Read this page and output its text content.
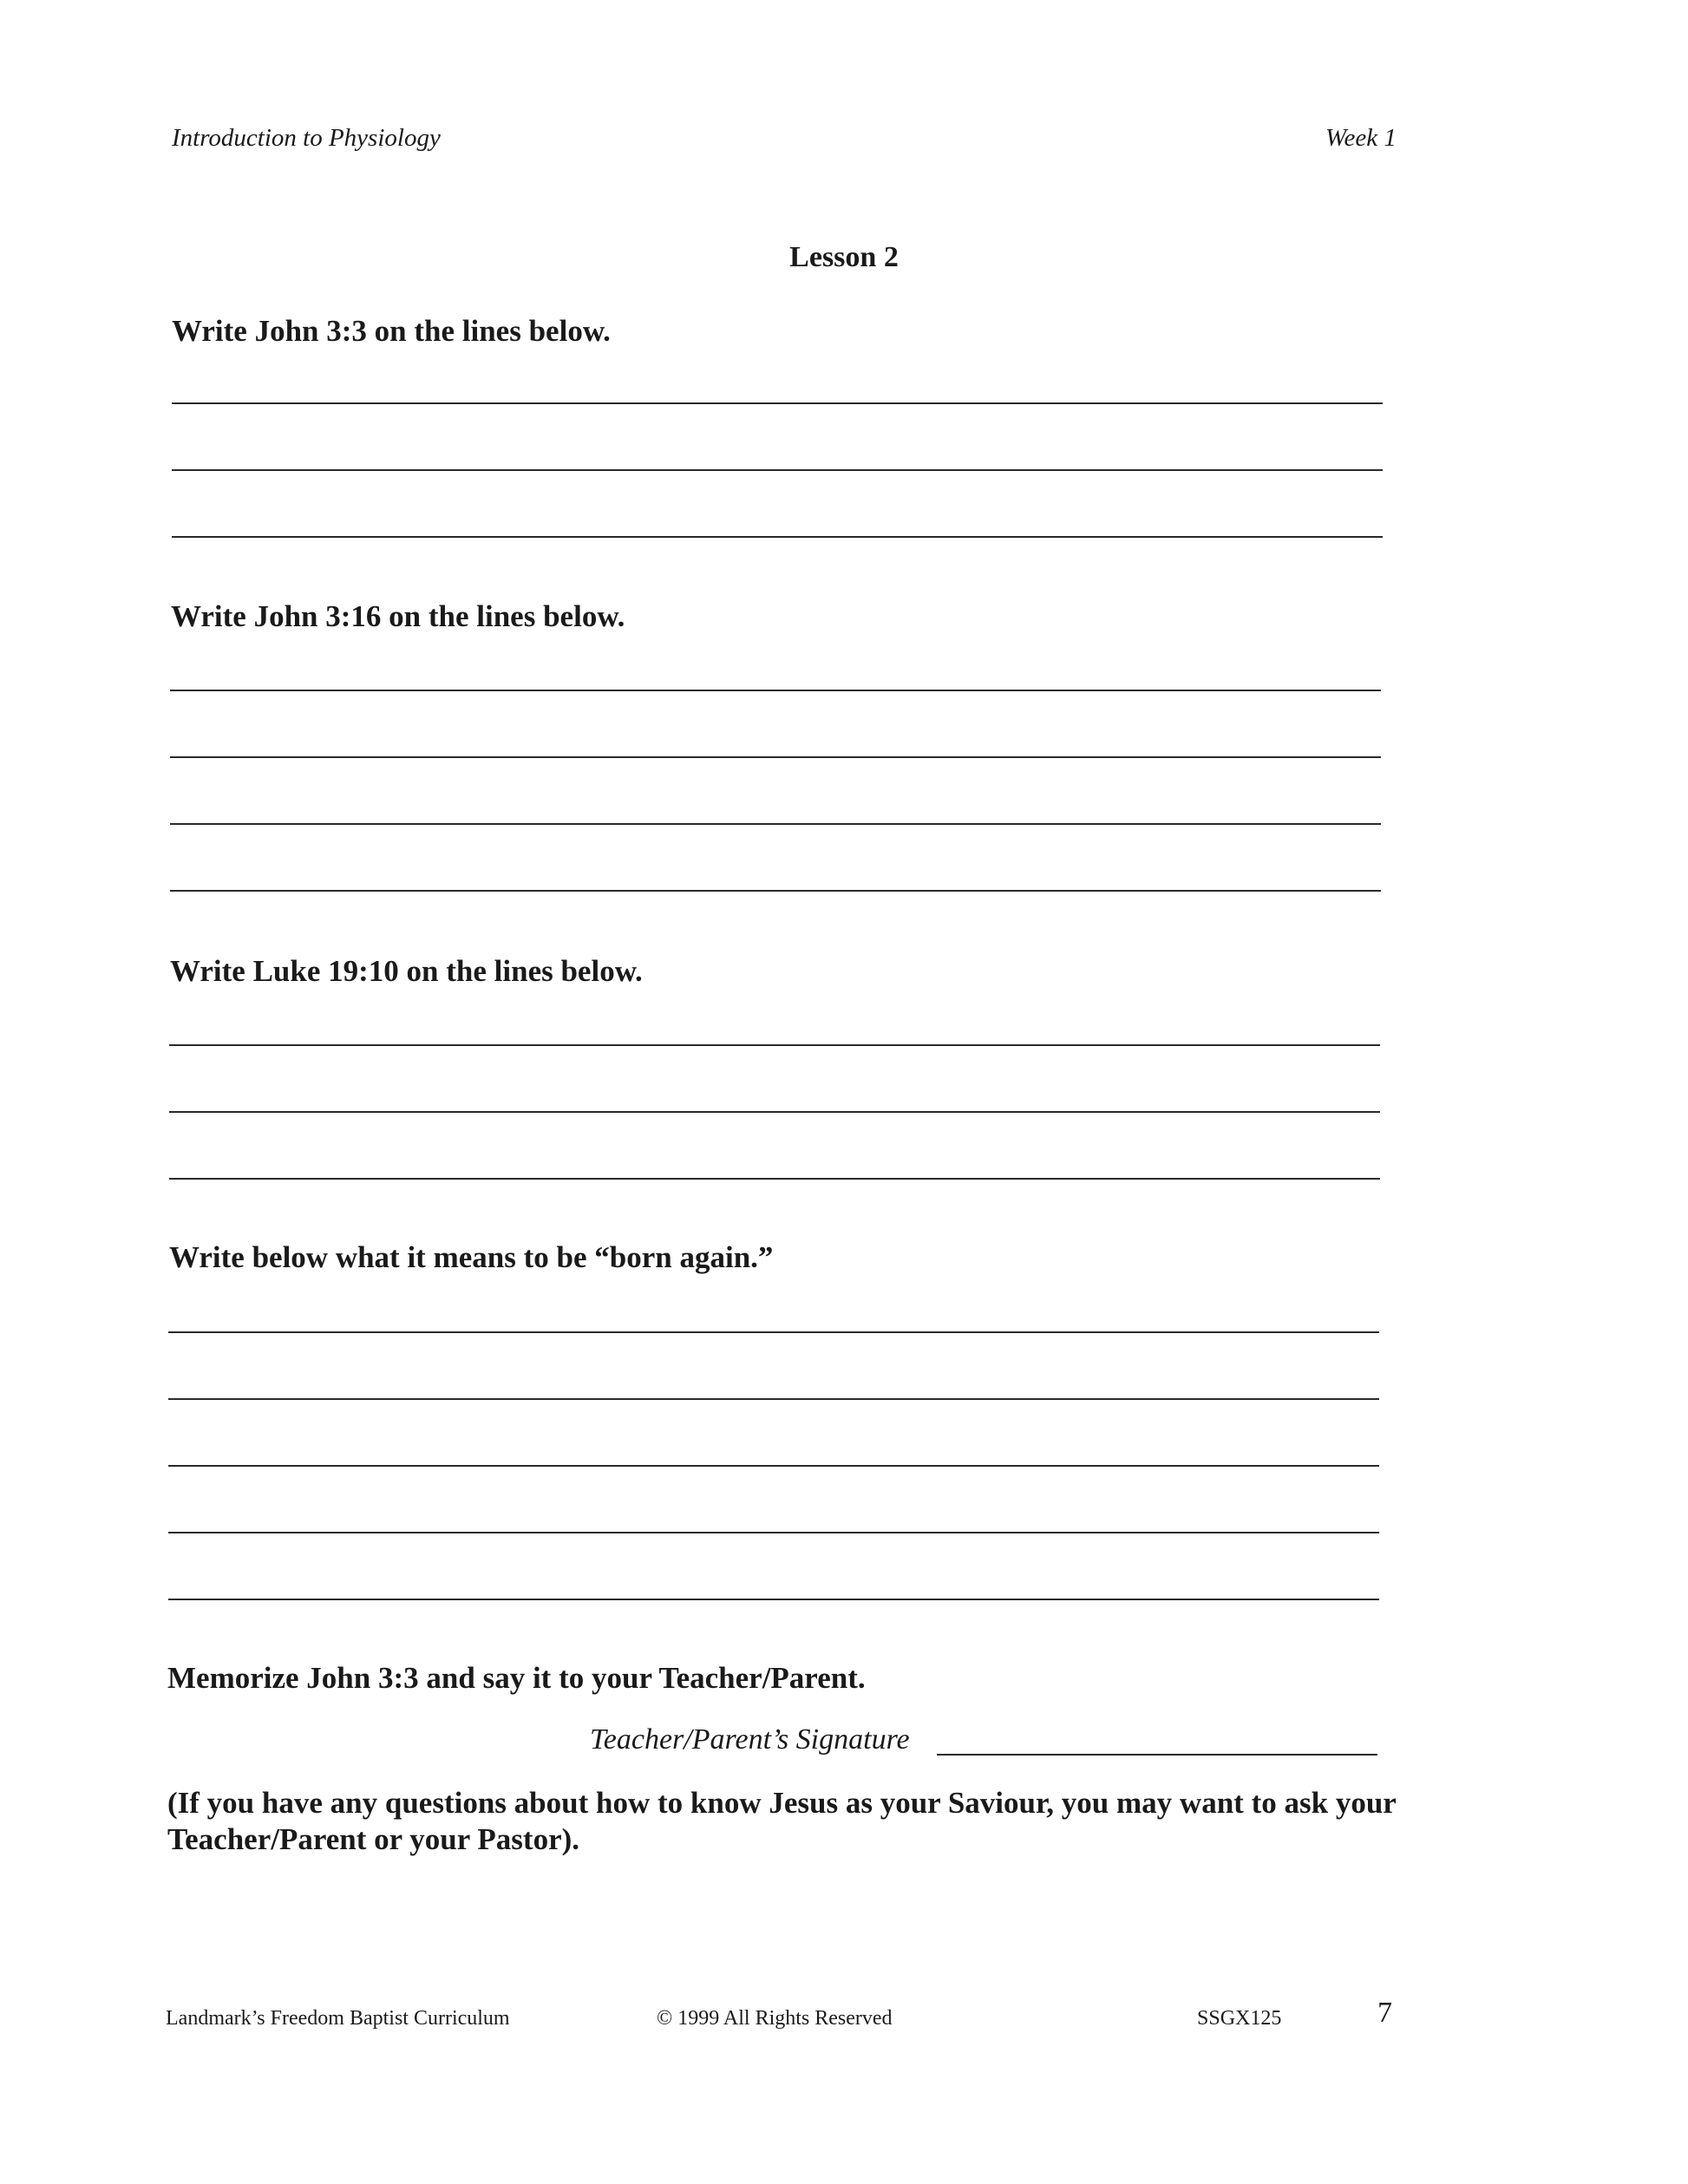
Introduction to Physiology	Week 1
Lesson 2
Write John 3:3 on the lines below.
Write John 3:16 on the lines below.
Write Luke 19:10 on the lines below.
Write below what it means to be “born again.”
Memorize John 3:3 and say it to your Teacher/Parent.
Teacher/Parent’s Signature
(If you have any questions about how to know Jesus as your Saviour, you may want to ask your Teacher/Parent or your Pastor).
Landmark’s Freedom Baptist Curriculum	© 1999 All Rights Reserved	SSGX125	7
